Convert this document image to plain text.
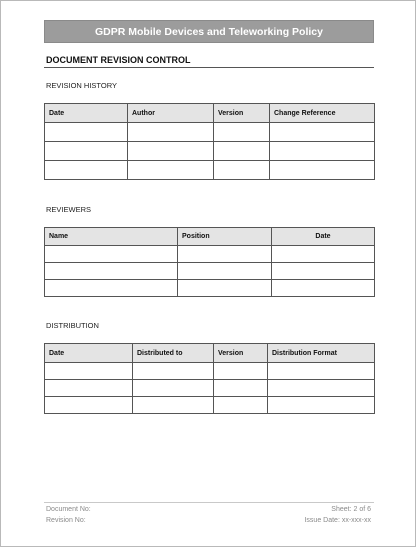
GDPR Mobile Devices and Teleworking Policy
DOCUMENT REVISION CONTROL
REVISION HISTORY
Date	Author	Version	Change Reference

REVIEWERS
Name	Position	Date

DISTRIBUTION
Date	Distributed to	Version	Distribution Format

Document No:
Revision No:
Sheet: 2 of 6
Issue Date: xx-xxx-xx
